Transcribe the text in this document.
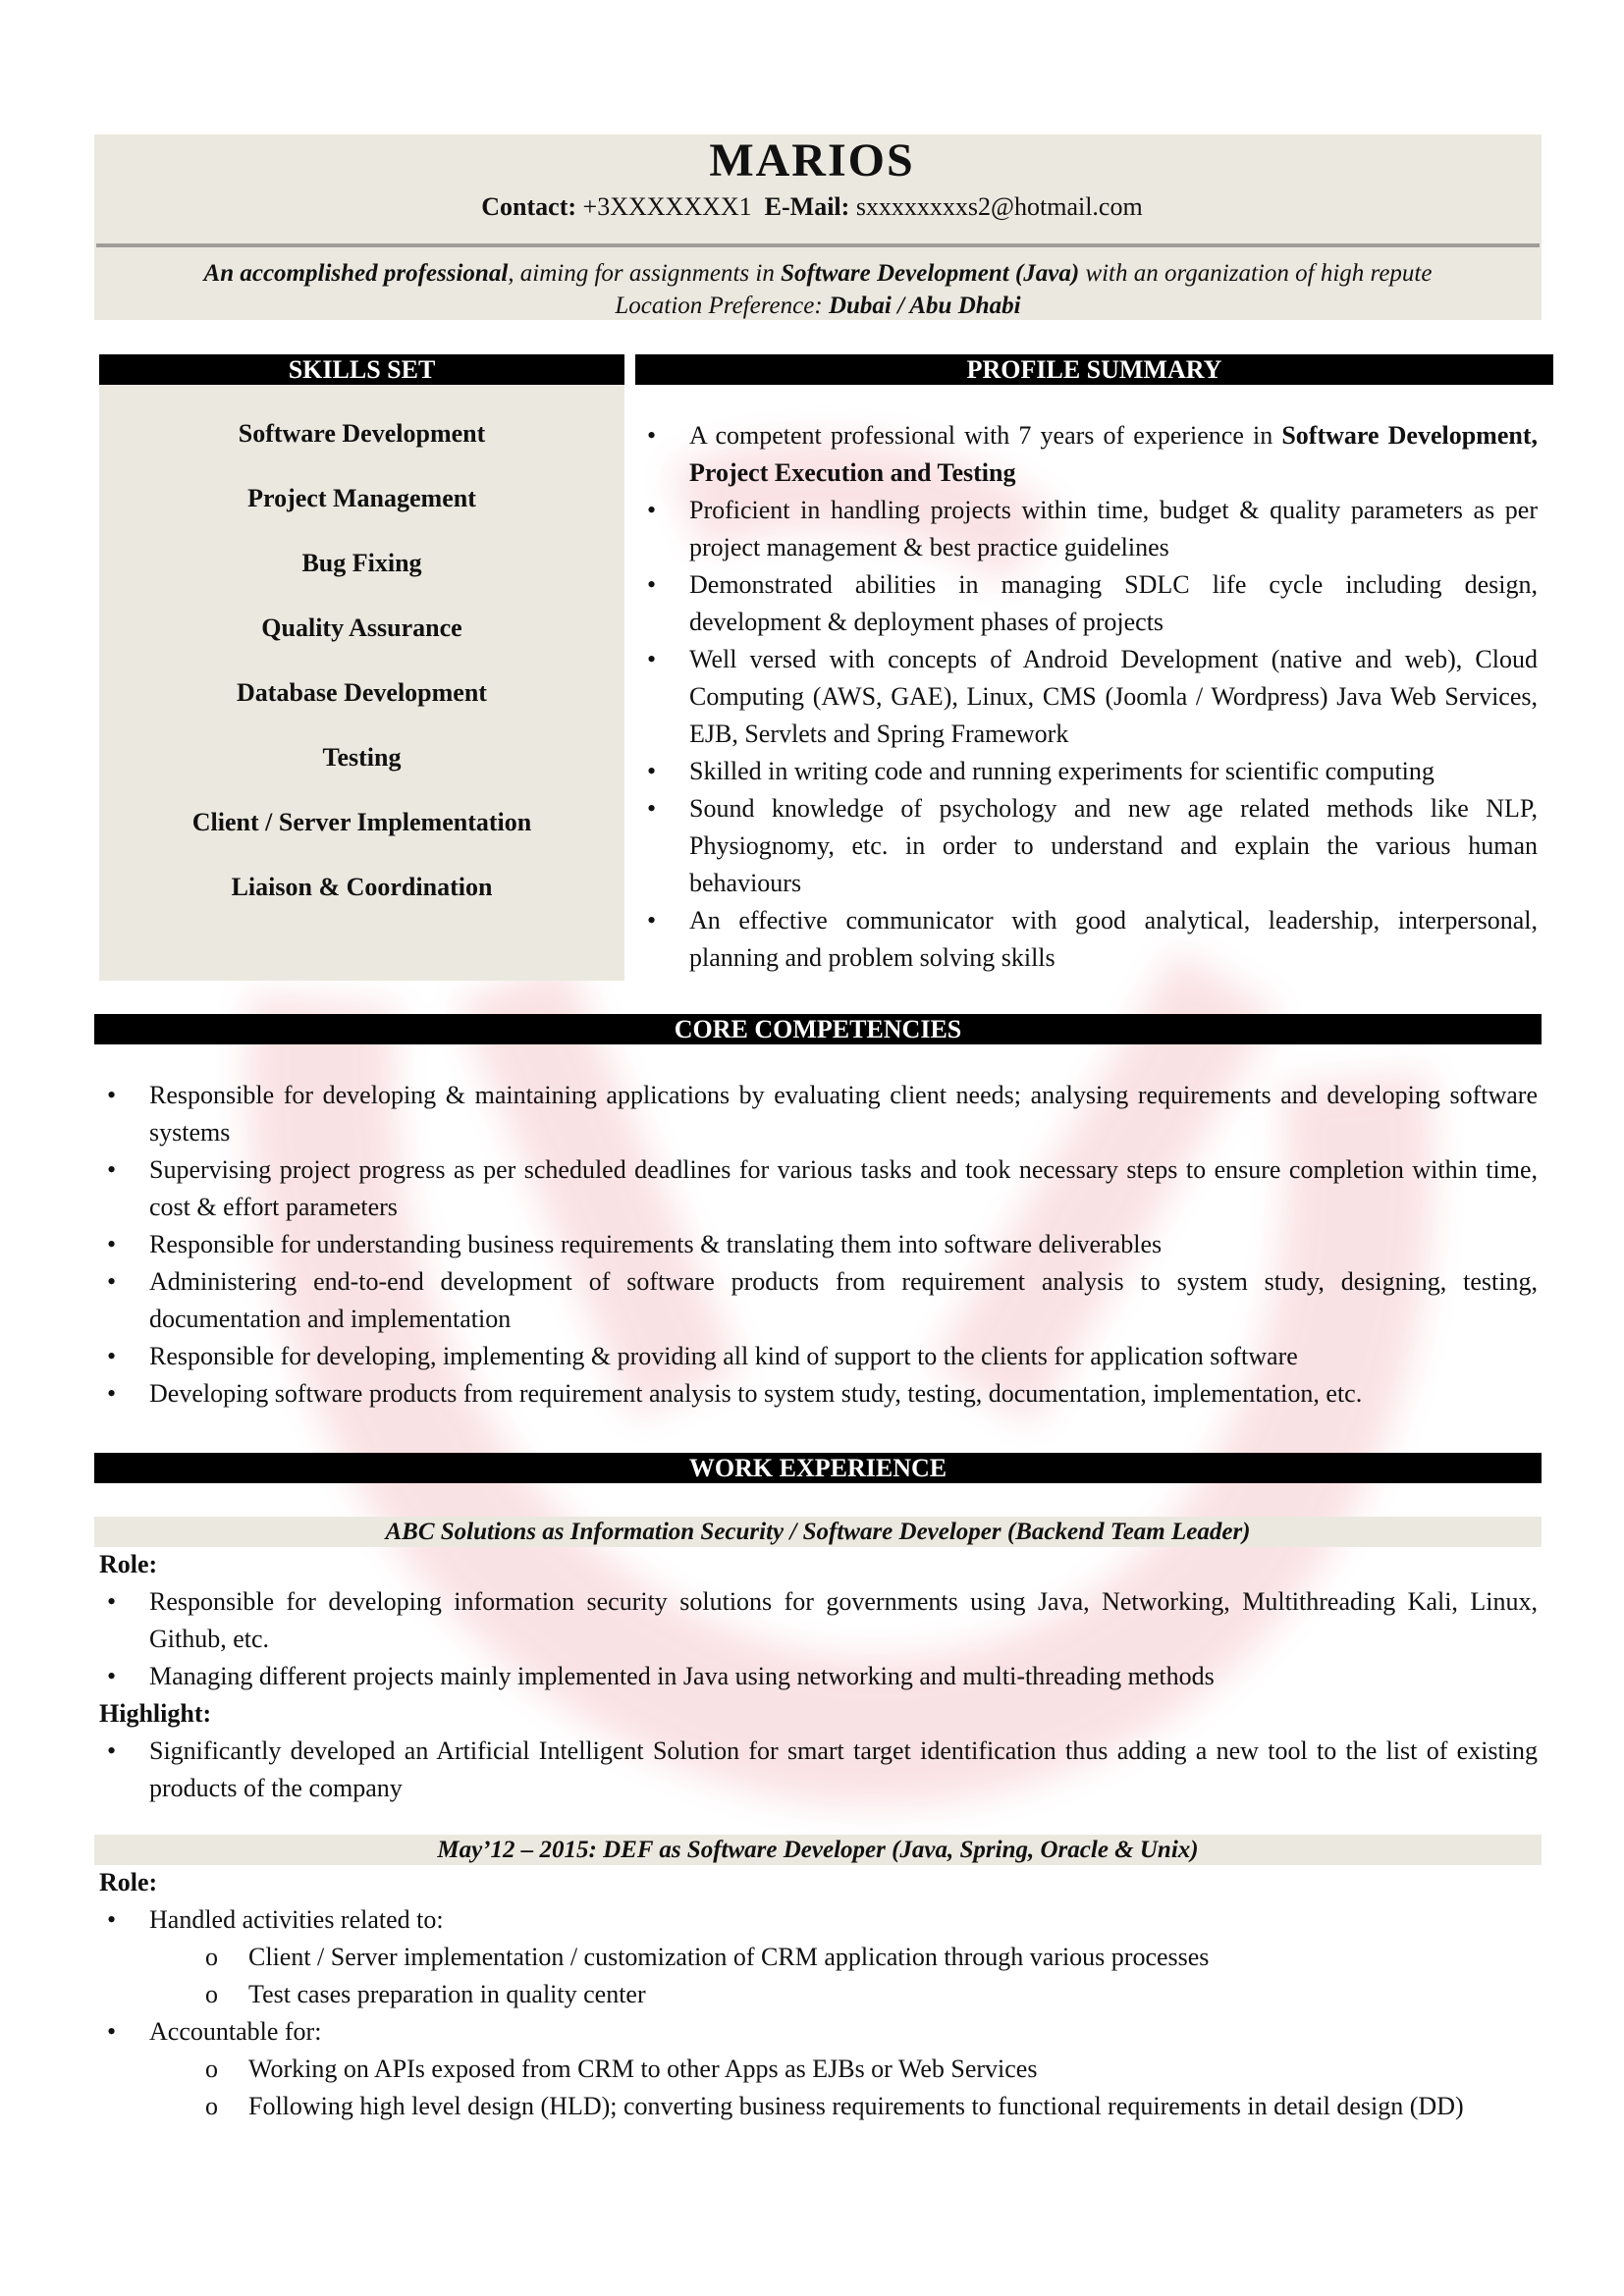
MARIOS
Contact: +3XXXXXXX1 E-Mail: sxxxxxxxxs2@hotmail.com
An accomplished professional, aiming for assignments in Software Development (Java) with an organization of high repute
Location Preference: Dubai / Abu Dhabi
SKILLS SET	PROFILE SUMMARY
Software Development
Project Management
Bug Fixing
Quality Assurance
Database Development
Testing
Client / Server Implementation
Liaison & Coordination
• A competent professional with 7 years of experience in Software Development, Project Execution and Testing
• Proficient in handling projects within time, budget & quality parameters as per project management & best practice guidelines
• Demonstrated abilities in managing SDLC life cycle including design, development & deployment phases of projects
• Well versed with concepts of Android Development (native and web), Cloud Computing (AWS, GAE), Linux, CMS (Joomla / Wordpress) Java Web Services, EJB, Servlets and Spring Framework
• Skilled in writing code and running experiments for scientific computing
• Sound knowledge of psychology and new age related methods like NLP, Physiognomy, etc. in order to understand and explain the various human behaviours
• An effective communicator with good analytical, leadership, interpersonal, planning and problem solving skills
CORE COMPETENCIES
• Responsible for developing & maintaining applications by evaluating client needs; analysing requirements and developing software systems
• Supervising project progress as per scheduled deadlines for various tasks and took necessary steps to ensure completion within time, cost & effort parameters
• Responsible for understanding business requirements & translating them into software deliverables
• Administering end-to-end development of software products from requirement analysis to system study, designing, testing, documentation and implementation
• Responsible for developing, implementing & providing all kind of support to the clients for application software
• Developing software products from requirement analysis to system study, testing, documentation, implementation, etc.
WORK EXPERIENCE
ABC Solutions as Information Security / Software Developer (Backend Team Leader)
Role:
• Responsible for developing information security solutions for governments using Java, Networking, Multithreading Kali, Linux, Github, etc.
• Managing different projects mainly implemented in Java using networking and multi-threading methods
Highlight:
• Significantly developed an Artificial Intelligent Solution for smart target identification thus adding a new tool to the list of existing products of the company
May’12 – 2015: DEF as Software Developer (Java, Spring, Oracle & Unix)
Role:
• Handled activities related to:
o Client / Server implementation / customization of CRM application through various processes
o Test cases preparation in quality center
• Accountable for:
o Working on APIs exposed from CRM to other Apps as EJBs or Web Services
o Following high level design (HLD); converting business requirements to functional requirements in detail design (DD)
